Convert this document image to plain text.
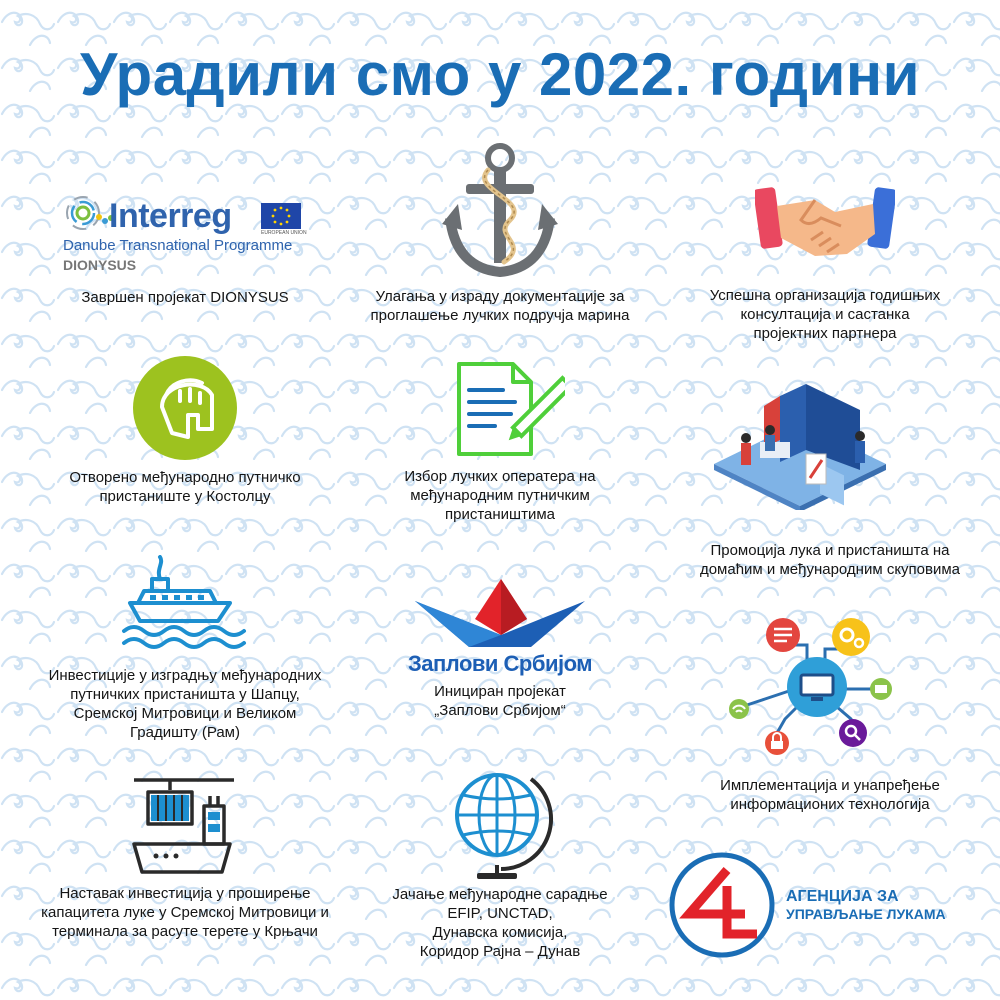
Урадили смо у 2022. години
Interreg	EUROPEAN UNION
Danube Transnational Programme
DIONYSUS
Завршен пројекат DIONYSUS	Улагања у израду документације за
проглашење лучких подручја марина
Успешна организација годишњих
консултација и састанка
пројектних партнера
Отворено међународно путничко
пристаниште у Костолцу
Избор лучких оператера на
међународним путничким
пристаништима
Промоција лука и пристаништа на
домаћим и међународним скуповима
Инвестиције у изградњу међународних
путничких пристаништа у Шапцу,
Сремској Митровици и Великом
Градишту (Рам)
Заплови Србијом
Инициран пројекат
„Заплови Србијом“
Имплементација и унапређење
информационих технологија
Наставак инвестиција у проширење
капацитета луке у Сремској Митровици и
терминала за расуте терете у Крњачи
Јачање међународне сарадње
EFIP, UNCTAD,
Дунавска комисија,
Коридор Рајна – Дунав
АГЕНЦИЈА ЗА
УПРАВЉАЊЕ ЛУКАМА
